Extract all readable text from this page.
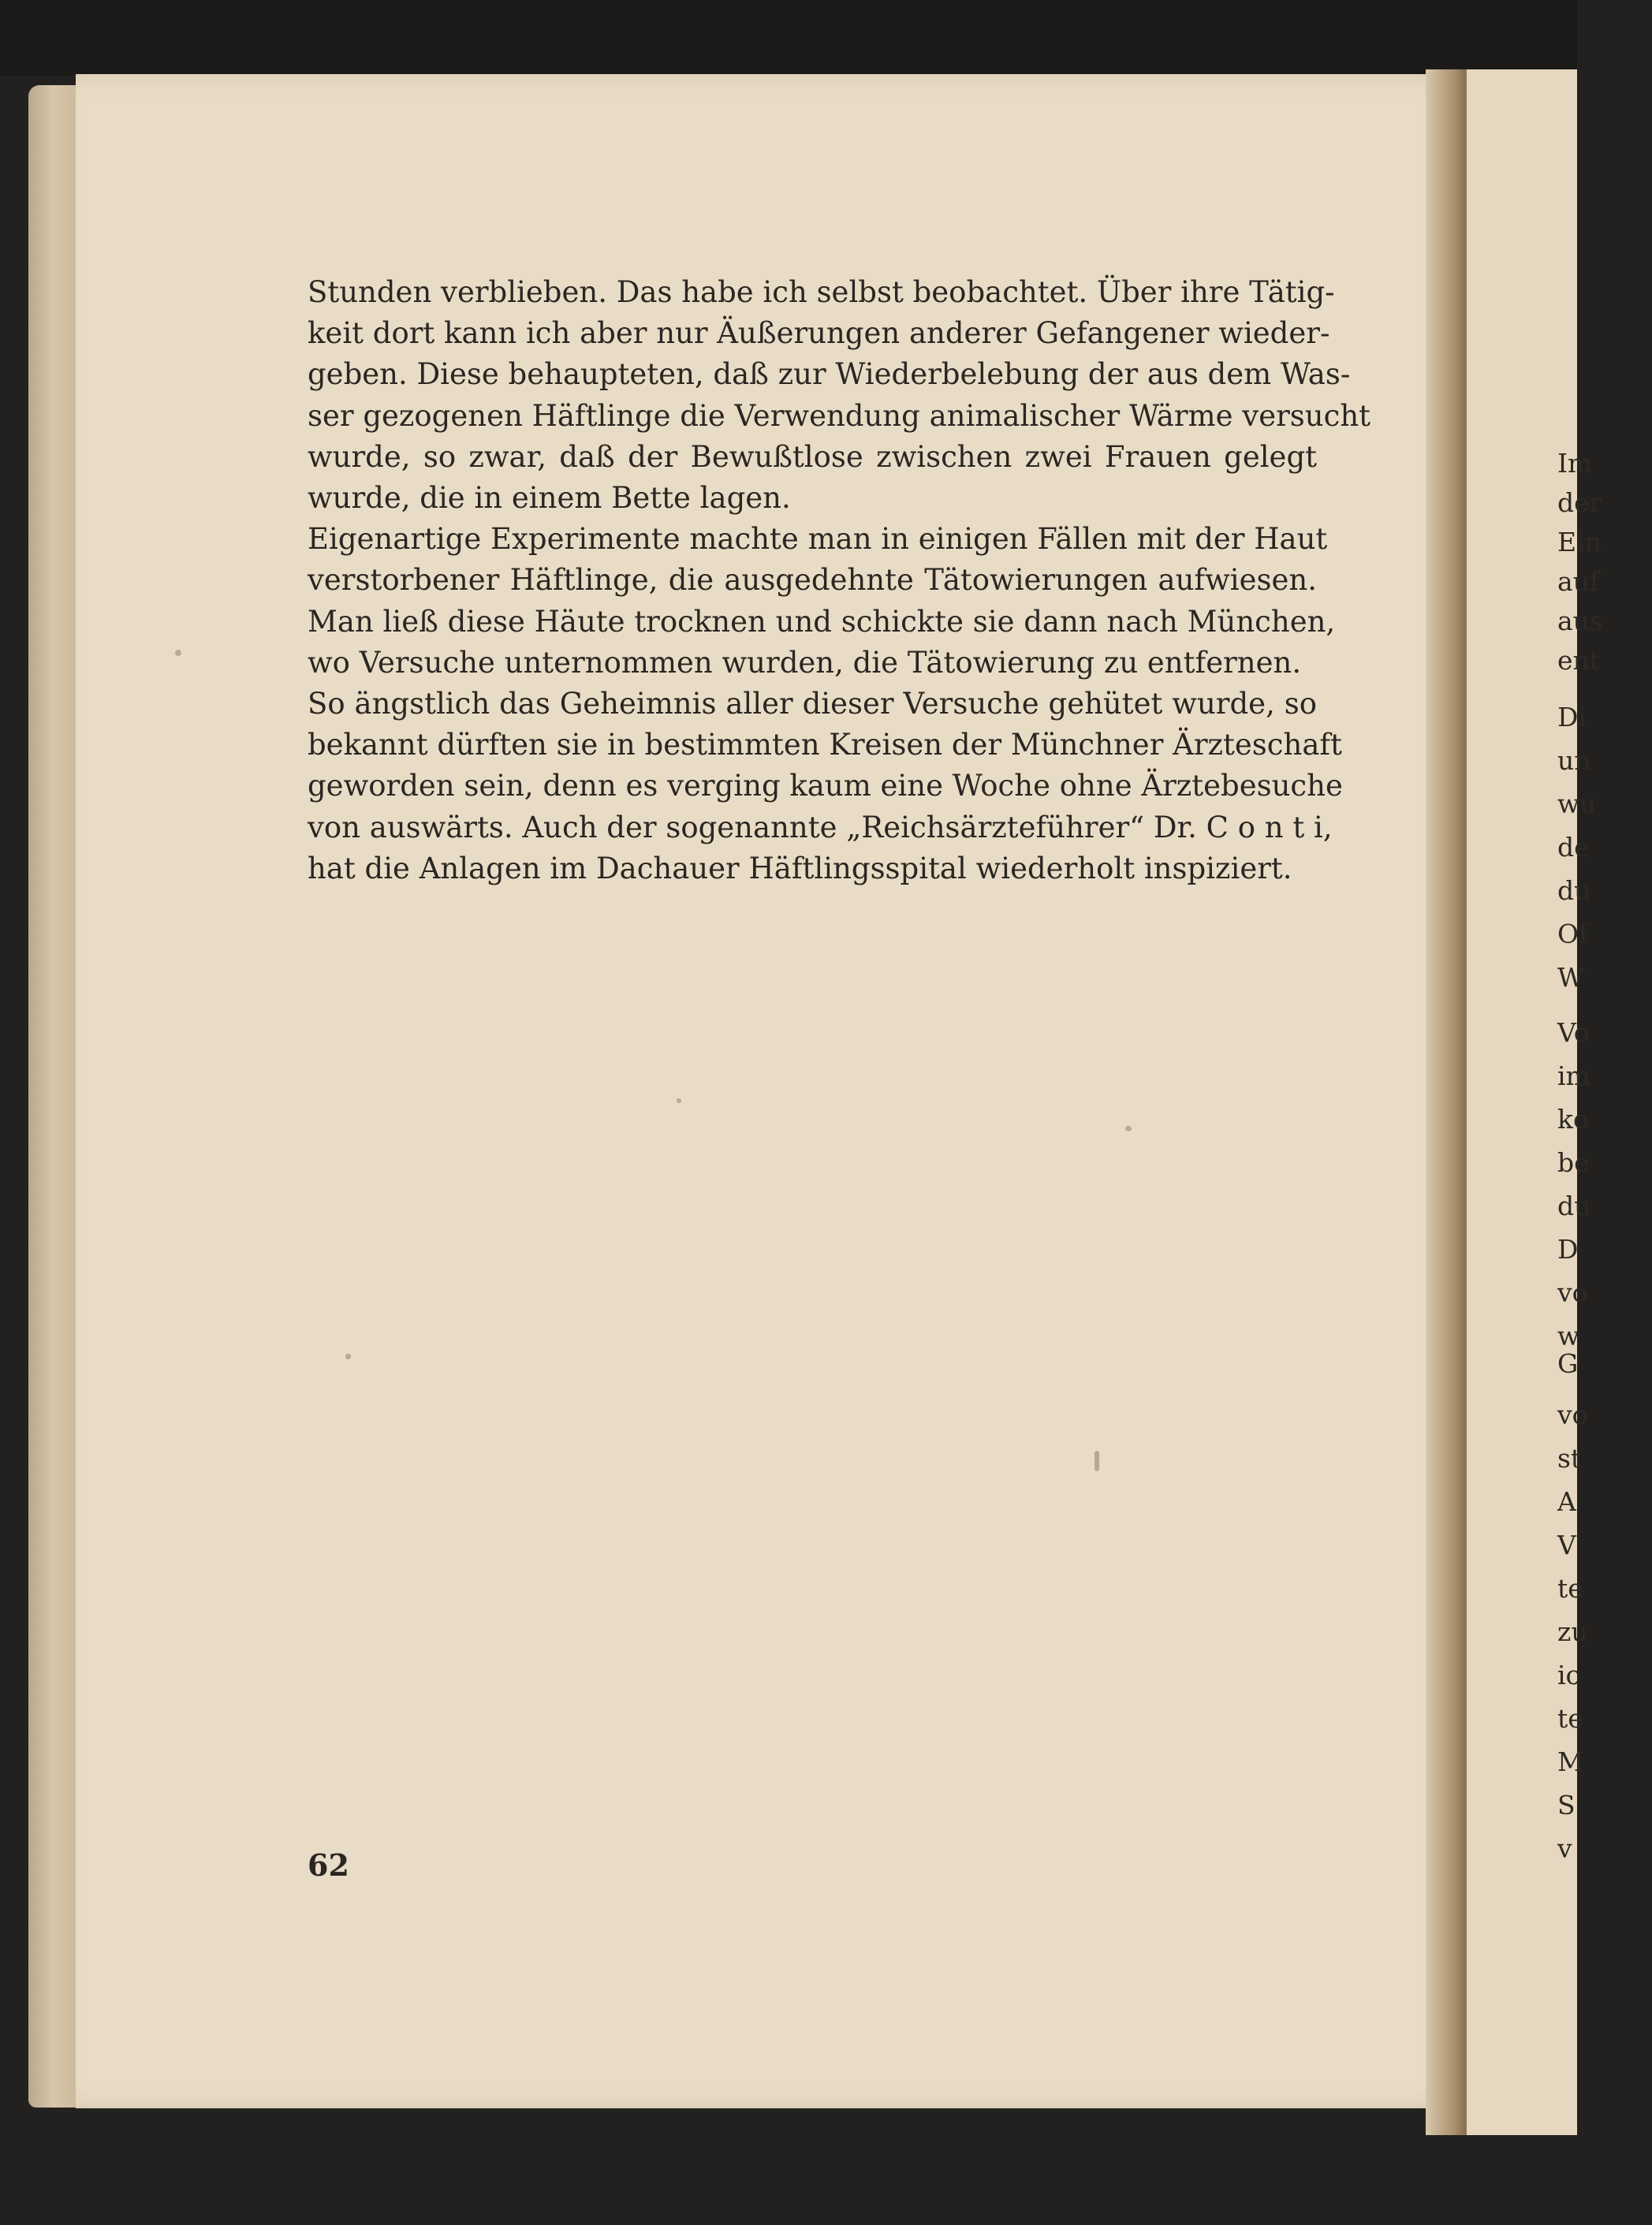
Stunden verblieben. Das habe ich selbst beobachtet. Über ihre Tätig-
keit dort kann ich aber nur Äußerungen anderer Gefangener wieder-
geben. Diese behaupteten, daß zur Wiederbelebung der aus dem Was-
ser gezogenen Häftlinge die Verwendung animalischer Wärme versucht
wurde, so zwar, daß der Bewußtlose zwischen zwei Frauen gelegt
wurde, die in einem Bette lagen.
Eigenartige Experimente machte man in einigen Fällen mit der Haut
verstorbener Häftlinge, die ausgedehnte Tätowierungen aufwiesen.
Man ließ diese Häute trocknen und schickte sie dann nach München,
wo Versuche unternommen wurden, die Tätowierung zu entfernen.
So ängstlich das Geheimnis aller dieser Versuche gehütet wurde, so
bekannt dürften sie in bestimmten Kreisen der Münchner Ärzteschaft
geworden sein, denn es verging kaum eine Woche ohne Ärztebesuche
von auswärts. Auch der sogenannte „Reichsärzteführer“ Dr. C o n t i,
hat die Anlagen im Dachauer Häftlingsspital wiederholt inspiziert.
62
Im
der
Ein
auf
aus
ent
Di
un
wu
de
du
Of
W
Vo
im
ko
be
du
D
vo
w
G
vo
st
A
V
te
zu
ic
te
M
S
v
